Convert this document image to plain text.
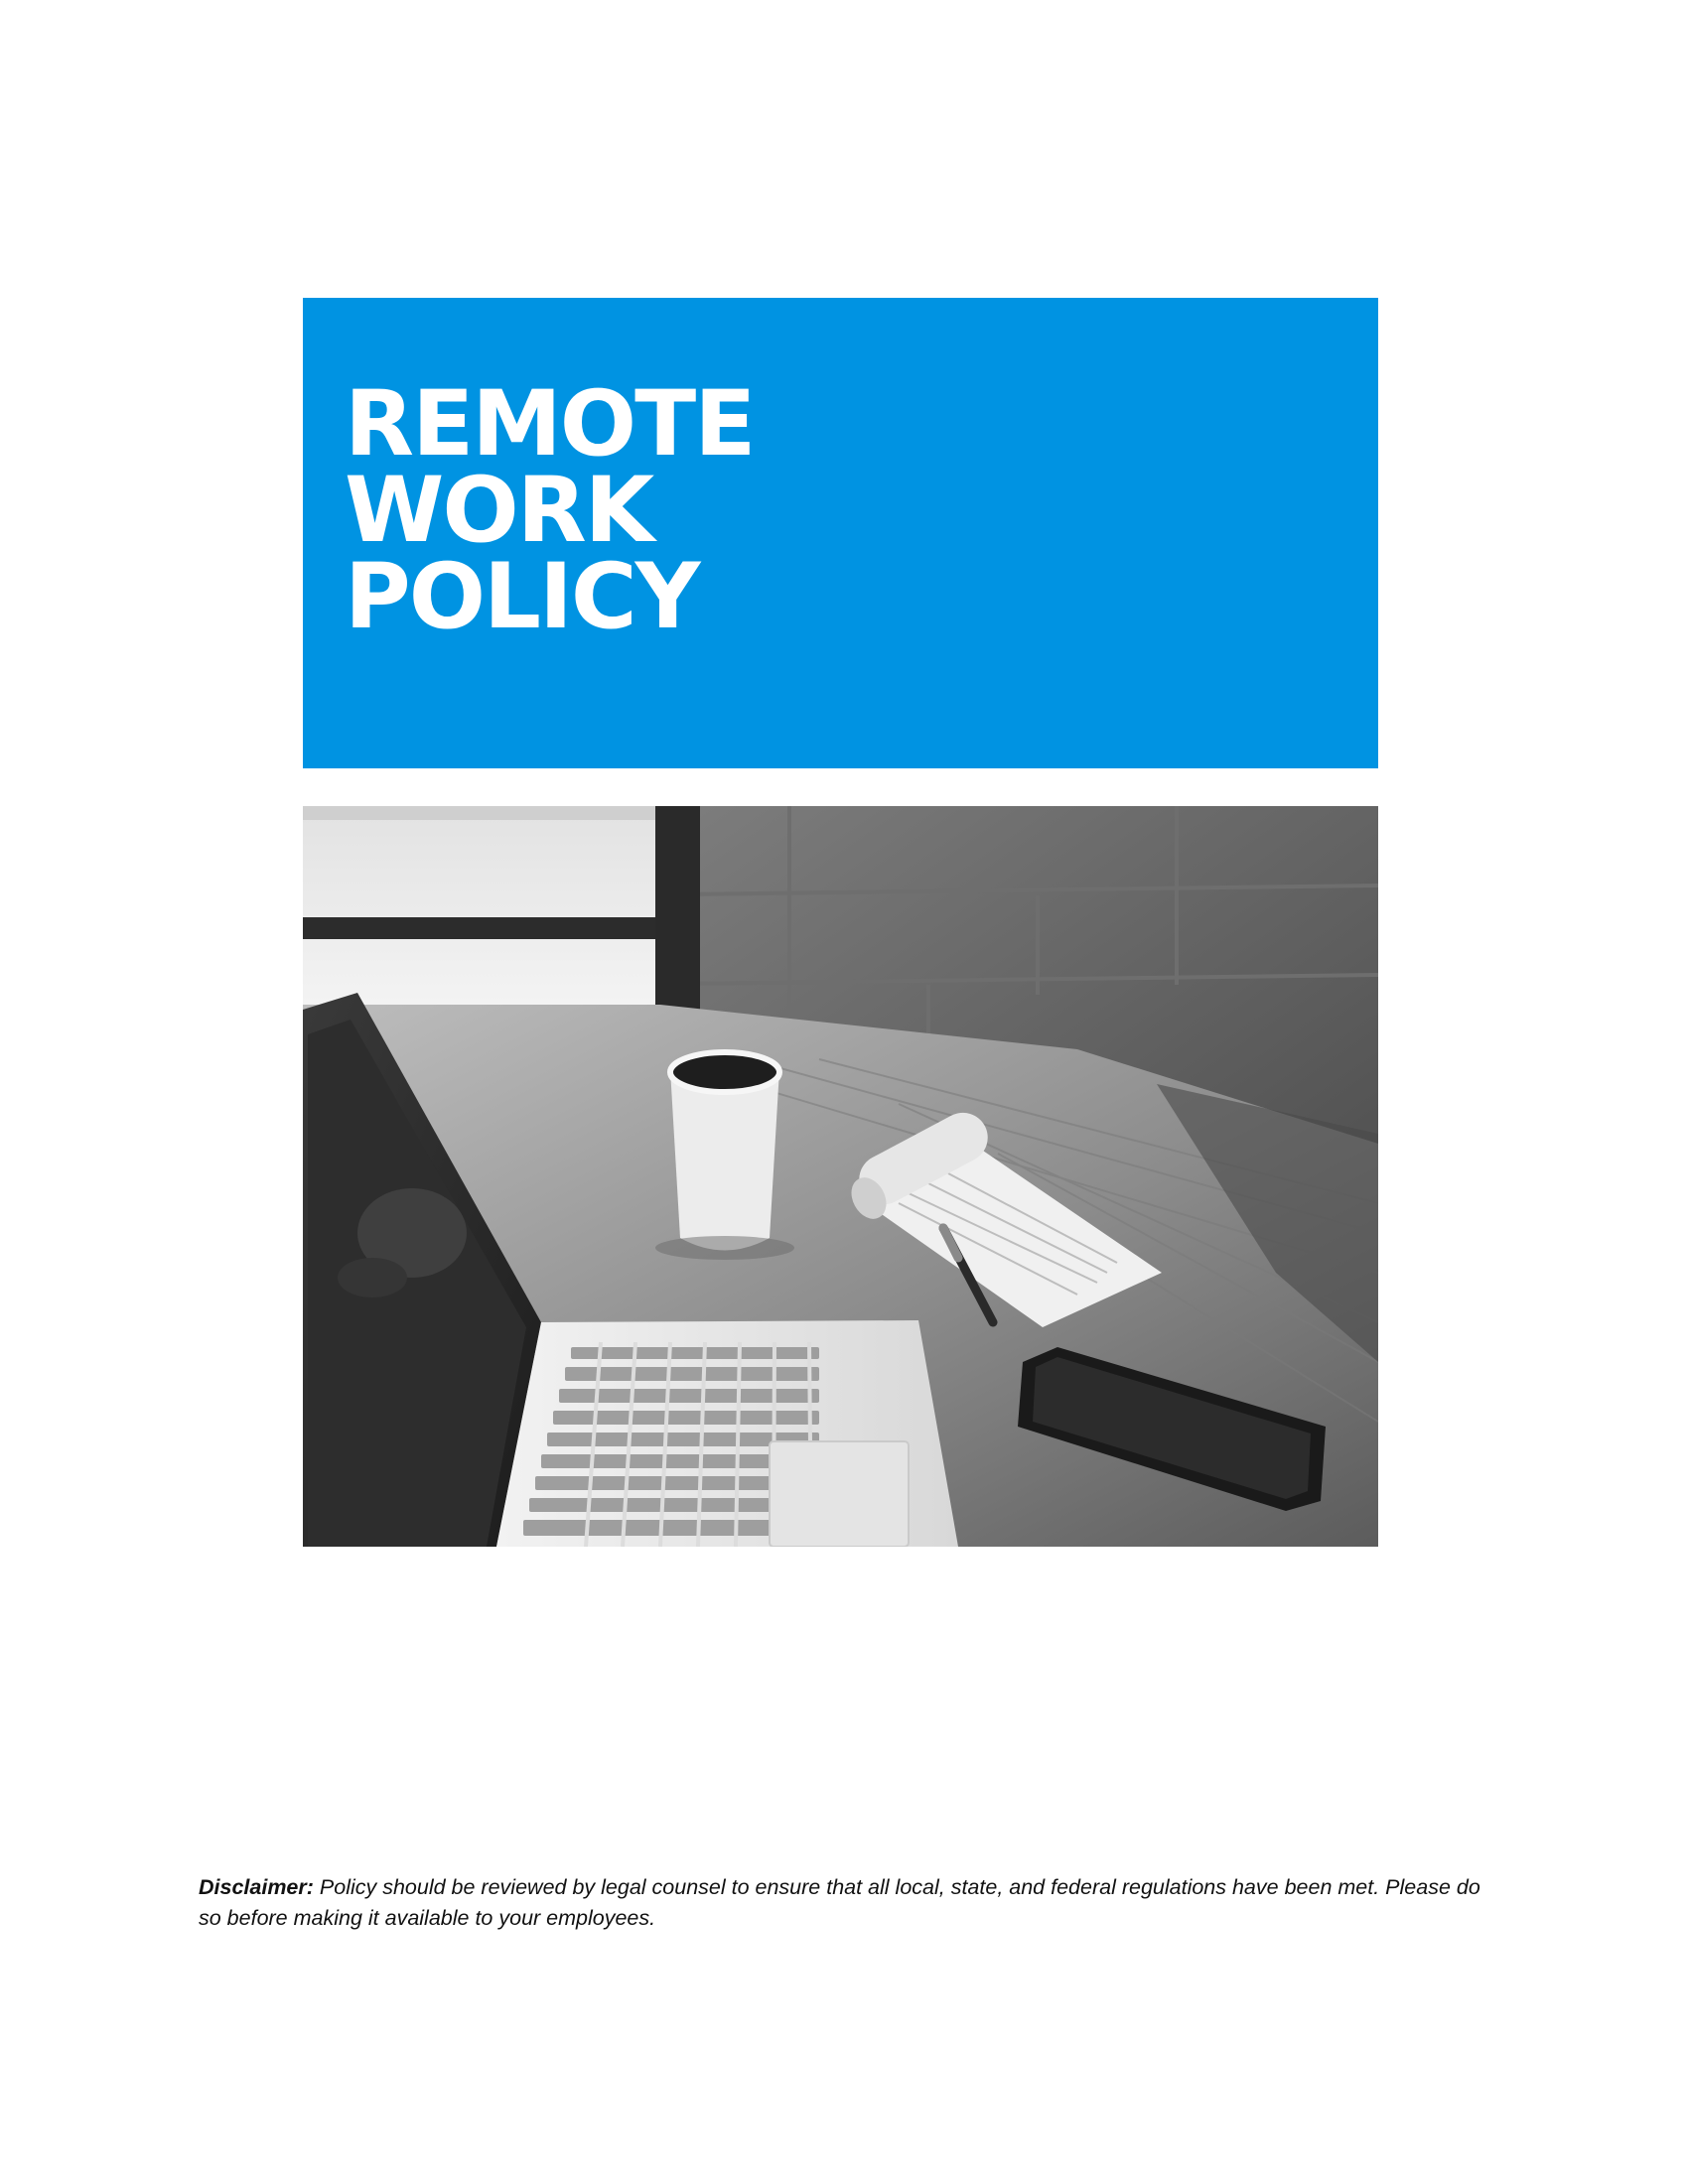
REMOTE
WORK
POLICY

Disclaimer: Policy should be reviewed by legal counsel to ensure that all local, state, and federal regulations have been met. Please do so before making it available to your employees.
